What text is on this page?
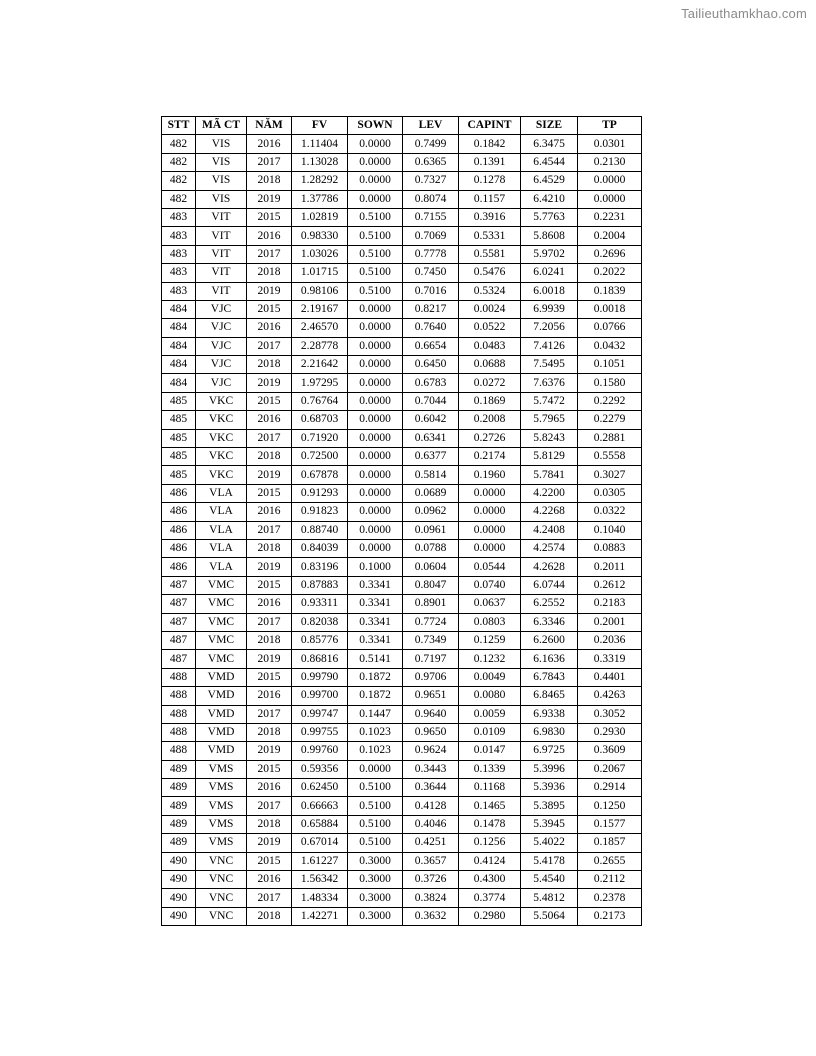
Tailieuthamkhao.com
STT	MÃ CT	NĂM	FV	SOWN	LEV	CAPINT	SIZE	TP
482	VIS	2016	1.11404	0.0000	0.7499	0.1842	6.3475	0.0301
482	VIS	2017	1.13028	0.0000	0.6365	0.1391	6.4544	0.2130
482	VIS	2018	1.28292	0.0000	0.7327	0.1278	6.4529	0.0000
482	VIS	2019	1.37786	0.0000	0.8074	0.1157	6.4210	0.0000
483	VIT	2015	1.02819	0.5100	0.7155	0.3916	5.7763	0.2231
483	VIT	2016	0.98330	0.5100	0.7069	0.5331	5.8608	0.2004
483	VIT	2017	1.03026	0.5100	0.7778	0.5581	5.9702	0.2696
483	VIT	2018	1.01715	0.5100	0.7450	0.5476	6.0241	0.2022
483	VIT	2019	0.98106	0.5100	0.7016	0.5324	6.0018	0.1839
484	VJC	2015	2.19167	0.0000	0.8217	0.0024	6.9939	0.0018
484	VJC	2016	2.46570	0.0000	0.7640	0.0522	7.2056	0.0766
484	VJC	2017	2.28778	0.0000	0.6654	0.0483	7.4126	0.0432
484	VJC	2018	2.21642	0.0000	0.6450	0.0688	7.5495	0.1051
484	VJC	2019	1.97295	0.0000	0.6783	0.0272	7.6376	0.1580
485	VKC	2015	0.76764	0.0000	0.7044	0.1869	5.7472	0.2292
485	VKC	2016	0.68703	0.0000	0.6042	0.2008	5.7965	0.2279
485	VKC	2017	0.71920	0.0000	0.6341	0.2726	5.8243	0.2881
485	VKC	2018	0.72500	0.0000	0.6377	0.2174	5.8129	0.5558
485	VKC	2019	0.67878	0.0000	0.5814	0.1960	5.7841	0.3027
486	VLA	2015	0.91293	0.0000	0.0689	0.0000	4.2200	0.0305
486	VLA	2016	0.91823	0.0000	0.0962	0.0000	4.2268	0.0322
486	VLA	2017	0.88740	0.0000	0.0961	0.0000	4.2408	0.1040
486	VLA	2018	0.84039	0.0000	0.0788	0.0000	4.2574	0.0883
486	VLA	2019	0.83196	0.1000	0.0604	0.0544	4.2628	0.2011
487	VMC	2015	0.87883	0.3341	0.8047	0.0740	6.0744	0.2612
487	VMC	2016	0.93311	0.3341	0.8901	0.0637	6.2552	0.2183
487	VMC	2017	0.82038	0.3341	0.7724	0.0803	6.3346	0.2001
487	VMC	2018	0.85776	0.3341	0.7349	0.1259	6.2600	0.2036
487	VMC	2019	0.86816	0.5141	0.7197	0.1232	6.1636	0.3319
488	VMD	2015	0.99790	0.1872	0.9706	0.0049	6.7843	0.4401
488	VMD	2016	0.99700	0.1872	0.9651	0.0080	6.8465	0.4263
488	VMD	2017	0.99747	0.1447	0.9640	0.0059	6.9338	0.3052
488	VMD	2018	0.99755	0.1023	0.9650	0.0109	6.9830	0.2930
488	VMD	2019	0.99760	0.1023	0.9624	0.0147	6.9725	0.3609
489	VMS	2015	0.59356	0.0000	0.3443	0.1339	5.3996	0.2067
489	VMS	2016	0.62450	0.5100	0.3644	0.1168	5.3936	0.2914
489	VMS	2017	0.66663	0.5100	0.4128	0.1465	5.3895	0.1250
489	VMS	2018	0.65884	0.5100	0.4046	0.1478	5.3945	0.1577
489	VMS	2019	0.67014	0.5100	0.4251	0.1256	5.4022	0.1857
490	VNC	2015	1.61227	0.3000	0.3657	0.4124	5.4178	0.2655
490	VNC	2016	1.56342	0.3000	0.3726	0.4300	5.4540	0.2112
490	VNC	2017	1.48334	0.3000	0.3824	0.3774	5.4812	0.2378
490	VNC	2018	1.42271	0.3000	0.3632	0.2980	5.5064	0.2173
